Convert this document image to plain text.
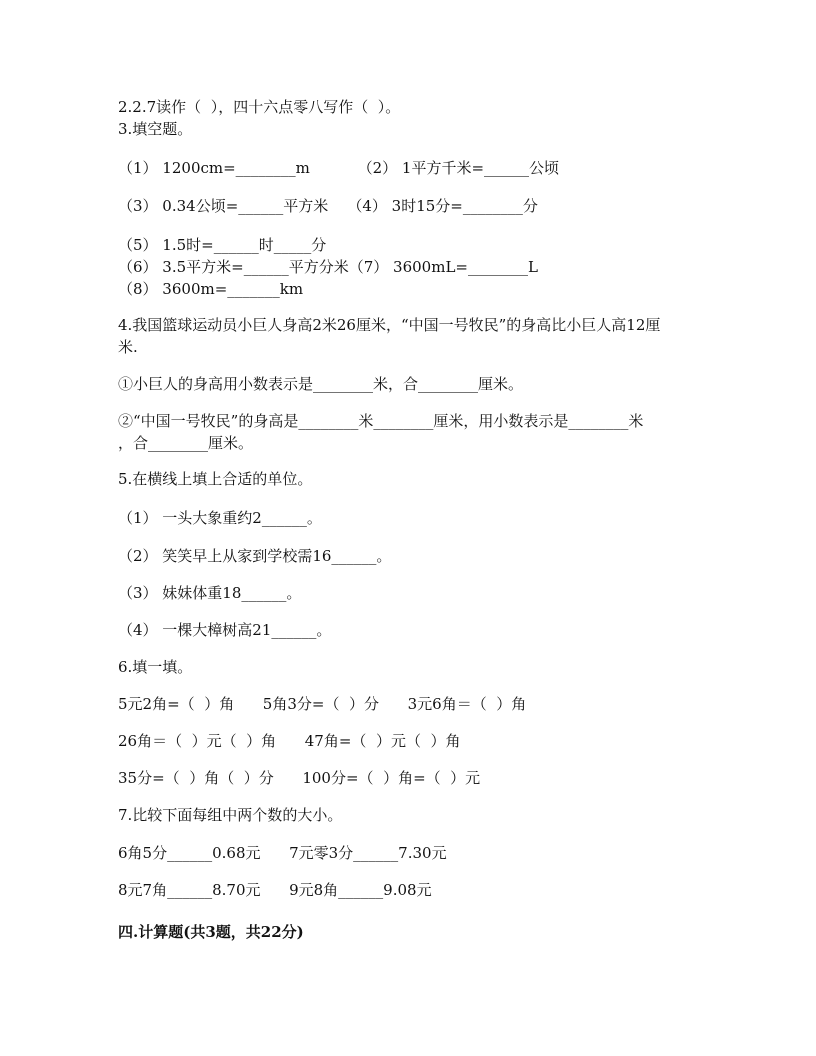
2.2.7读作（  ），四十六点零八写作（  ）。
3.填空题。
（1） 1200cm=________m          （2） 1平方千米=______公顷
（3） 0.34公顷=______平方米    （4） 3时15分=________分
（5） 1.5时=______时_____分
（6） 3.5平方米=______平方分米（7） 3600mL=________L
（8） 3600m=_______km
4.我国篮球运动员小巨人身高2米26厘米，“中国一号牧民”的身高比小巨人高12厘
米.
①小巨人的身高用小数表示是________米，合________厘米。
②“中国一号牧民”的身高是________米________厘米，用小数表示是________米
，合________厘米。
5.在横线上填上合适的单位。
（1） 一头大象重约2______。
（2） 笑笑早上从家到学校需16______。
（3） 妹妹体重18______。
（4） 一棵大樟树高21______。
6.填一填。
5元2角=（  ）角      5角3分=（  ）分      3元6角＝（  ）角
26角＝（  ）元（  ）角      47角=（  ）元（  ）角
35分=（  ）角（  ）分      100分=（  ）角=（  ）元
7.比较下面每组中两个数的大小。
6角5分______0.68元      7元零3分______7.30元
8元7角______8.70元      9元8角______9.08元
四.计算题(共3题，共22分)
